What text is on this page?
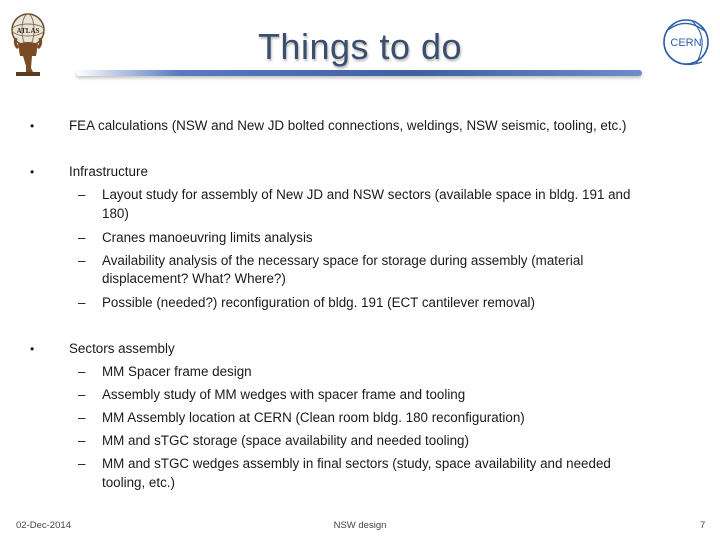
ATLAS
CERN
Things to do
•	FEA calculations (NSW and New JD bolted connections, weldings, NSW seismic, tooling, etc.)
•	Infrastructure
– Layout study for assembly of New JD and NSW sectors (available space in bldg. 191 and
180)
– Cranes manoeuvring limits analysis
– Availability analysis of the necessary space for storage during assembly (material
displacement? What? Where?)
– Possible (needed?) reconfiguration of bldg. 191 (ECT cantilever removal)
•	Sectors assembly
– MM Spacer frame design
– Assembly study of MM wedges with spacer frame and tooling
– MM Assembly location at CERN (Clean room bldg. 180 reconfiguration)
– MM and sTGC storage (space availability and needed tooling)
– MM and sTGC wedges assembly in final sectors (study, space availability and needed
tooling, etc.)
02-Dec-2014	NSW design	7
